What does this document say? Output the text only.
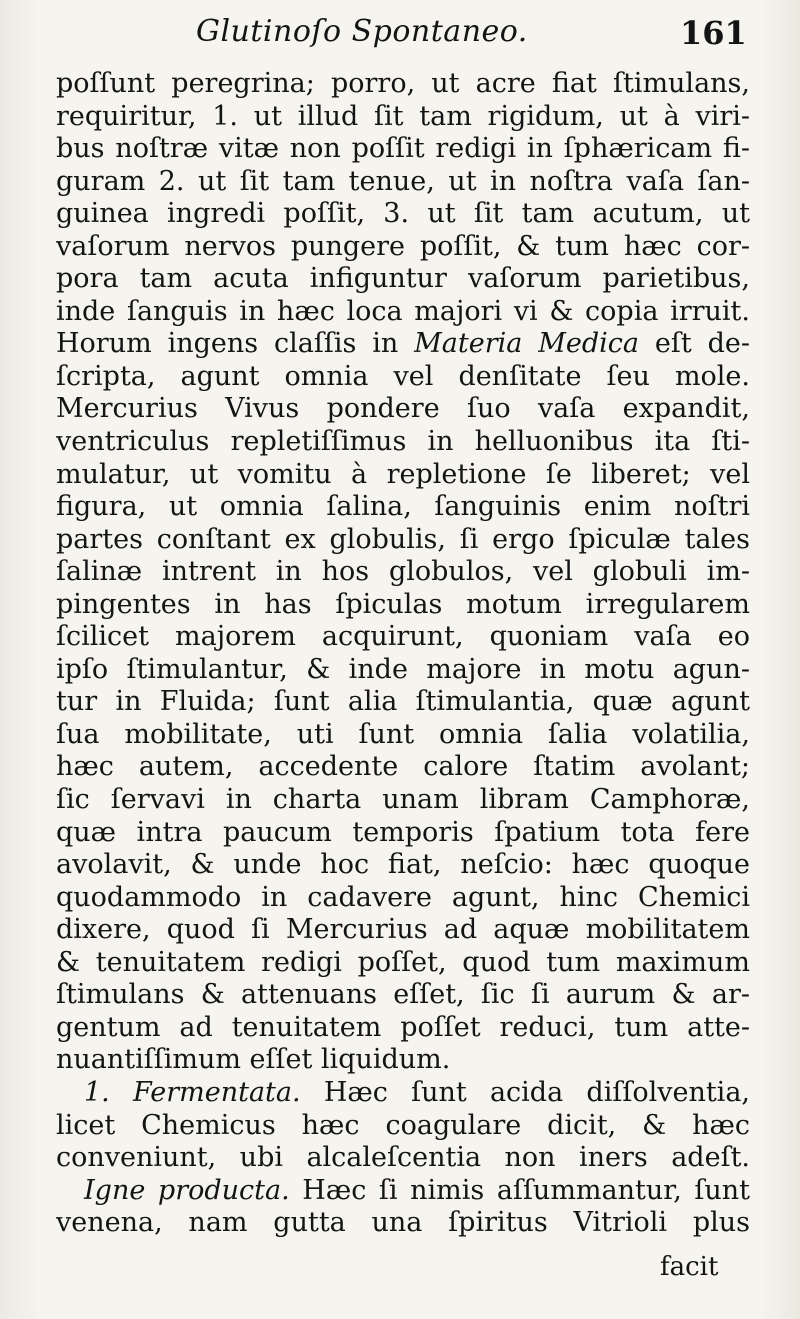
Glutinoſo Spontaneo.	161
poſſunt peregrina; porro, ut acre fiat ſtimulans,
requiritur, 1. ut illud ſit tam rigidum, ut à viri-
bus noſtræ vitæ non poſſit redigi in ſphæricam fi-
guram 2. ut ſit tam tenue, ut in noſtra vaſa ſan-
guinea ingredi poſſit, 3. ut ſit tam acutum, ut
vaſorum nervos pungere poſſit, & tum hæc cor-
pora tam acuta infiguntur vaſorum parietibus,
inde ſanguis in hæc loca majori vi & copia irruit.
Horum ingens claſſis in Materia Medica eſt de-
ſcripta, agunt omnia vel denſitate ſeu mole.
Mercurius Vivus pondere ſuo vaſa expandit,
ventriculus repletiſſimus in helluonibus ita ſti-
mulatur, ut vomitu à repletione ſe liberet; vel
figura, ut omnia ſalina, ſanguinis enim noſtri
partes conſtant ex globulis, ſi ergo ſpiculæ tales
ſalinæ intrent in hos globulos, vel globuli im-
pingentes in has ſpiculas motum irregularem
ſcilicet majorem acquirunt, quoniam vaſa eo
ipſo ſtimulantur, & inde majore in motu agun-
tur in Fluida; ſunt alia ſtimulantia, quæ agunt
ſua mobilitate, uti ſunt omnia ſalia volatilia,
hæc autem, accedente calore ſtatim avolant;
ſic ſervavi in charta unam libram Camphoræ,
quæ intra paucum temporis ſpatium tota fere
avolavit, & unde hoc fiat, neſcio: hæc quoque
quodammodo in cadavere agunt, hinc Chemici
dixere, quod ſi Mercurius ad aquæ mobilitatem
& tenuitatem redigi poſſet, quod tum maximum
ſtimulans & attenuans eſſet, ſic ſi aurum & ar-
gentum ad tenuitatem poſſet reduci, tum atte-
nuantiſſimum eſſet liquidum.
1. Fermentata. Hæc ſunt acida diſſolventia,
licet Chemicus hæc coagulare dicit, & hæc
conveniunt, ubi alcaleſcentia non iners adeſt.
Igne producta. Hæc ſi nimis aſſummantur, ſunt
venena, nam gutta una ſpiritus Vitrioli plus
facit
